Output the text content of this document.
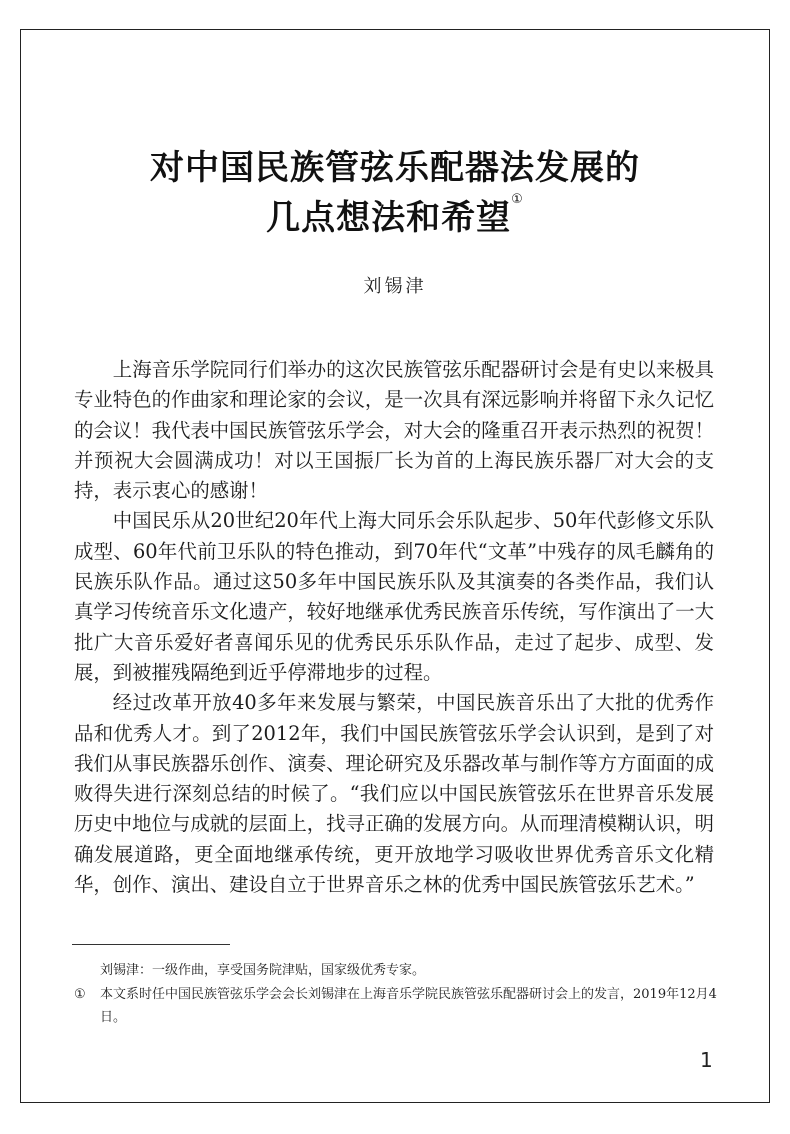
对中国民族管弦乐配器法发展的
几点想法和希望①
刘锡津

上海音乐学院同行们举办的这次民族管弦乐配器研讨会是有史以来极具专业特色的作曲家和理论家的会议，是一次具有深远影响并将留下永久记忆的会议！我代表中国民族管弦乐学会，对大会的隆重召开表示热烈的祝贺！并预祝大会圆满成功！对以王国振厂长为首的上海民族乐器厂对大会的支持，表示衷心的感谢！

中国民乐从20世纪20年代上海大同乐会乐队起步、50年代彭修文乐队成型、60年代前卫乐队的特色推动，到70年代“文革”中残存的凤毛麟角的民族乐队作品。通过这50多年中国民族乐队及其演奏的各类作品，我们认真学习传统音乐文化遗产，较好地继承优秀民族音乐传统，写作演出了一大批广大音乐爱好者喜闻乐见的优秀民乐乐队作品，走过了起步、成型、发展，到被摧残隔绝到近乎停滞地步的过程。

经过改革开放40多年来发展与繁荣，中国民族音乐出了大批的优秀作品和优秀人才。到了2012年，我们中国民族管弦乐学会认识到，是到了对我们从事民族器乐创作、演奏、理论研究及乐器改革与制作等方方面面的成败得失进行深刻总结的时候了。“我们应以中国民族管弦乐在世界音乐发展历史中地位与成就的层面上，找寻正确的发展方向。从而理清模糊认识，明确发展道路，更全面地继承传统，更开放地学习吸收世界优秀音乐文化精华，创作、演出、建设自立于世界音乐之林的优秀中国民族管弦乐艺术。”

刘锡津：一级作曲，享受国务院津贴，国家级优秀专家。
① 本文系时任中国民族管弦乐学会会长刘锡津在上海音乐学院民族管弦乐配器研讨会上的发言，2019年12月4日。
1
